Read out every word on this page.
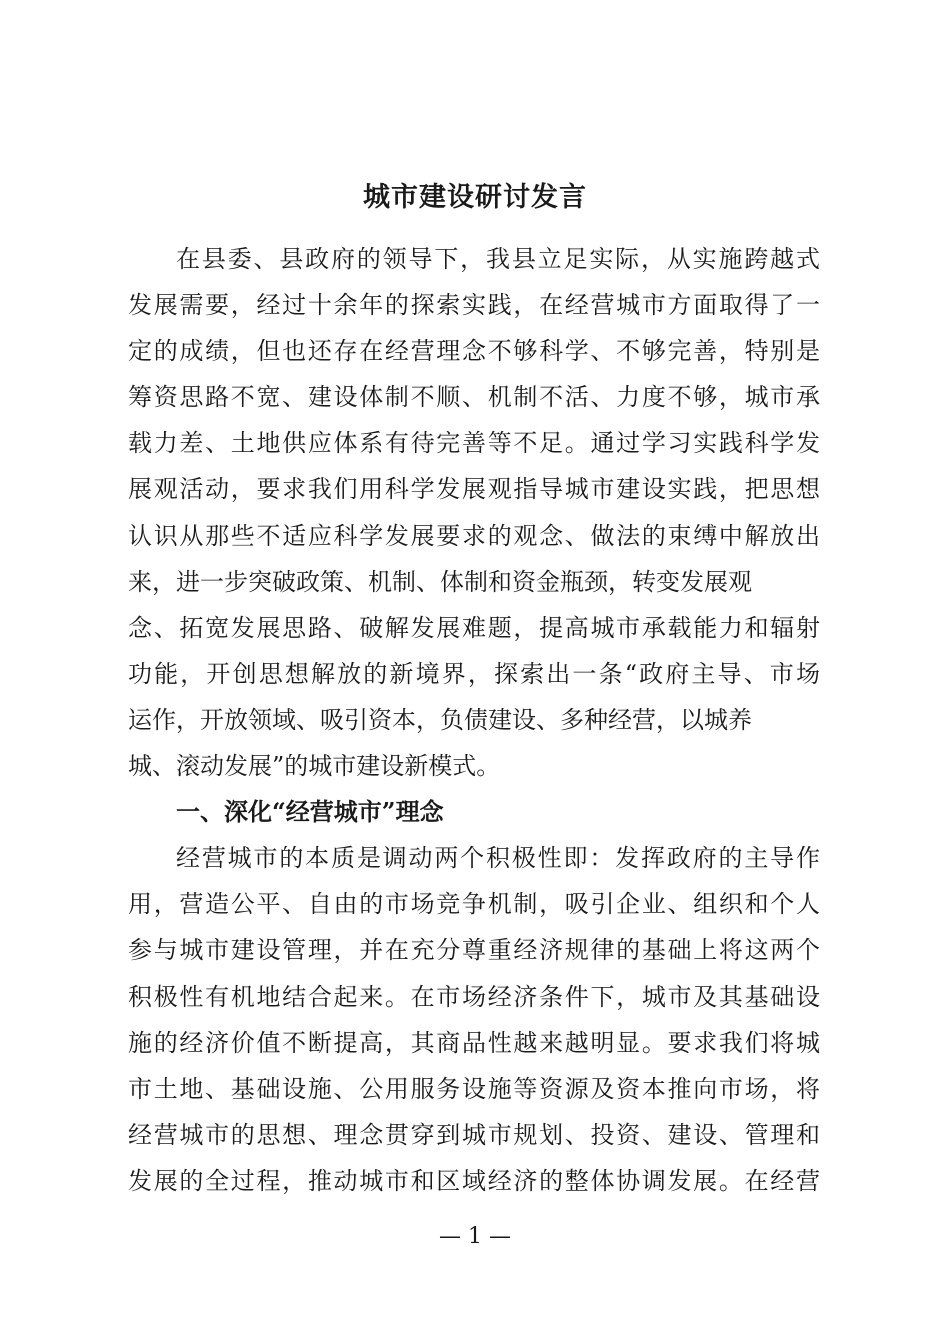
城市建设研讨发言
在县委、县政府的领导下，我县立足实际，从实施跨越式
发展需要，经过十余年的探索实践，在经营城市方面取得了一
定的成绩，但也还存在经营理念不够科学、不够完善，特别是
筹资思路不宽、建设体制不顺、机制不活、力度不够，城市承
载力差、土地供应体系有待完善等不足。通过学习实践科学发
展观活动，要求我们用科学发展观指导城市建设实践，把思想
认识从那些不适应科学发展要求的观念、做法的束缚中解放出
来，进一步突破政策、机制、体制和资金瓶颈，转变发展观
念、拓宽发展思路、破解发展难题，提高城市承载能力和辐射
功能，开创思想解放的新境界，探索出一条“政府主导、市场
运作，开放领域、吸引资本，负债建设、多种经营，以城养
城、滚动发展”的城市建设新模式。
一、深化“经营城市”理念
经营城市的本质是调动两个积极性即：发挥政府的主导作
用，营造公平、自由的市场竞争机制，吸引企业、组织和个人
参与城市建设管理，并在充分尊重经济规律的基础上将这两个
积极性有机地结合起来。在市场经济条件下，城市及其基础设
施的经济价值不断提高，其商品性越来越明显。要求我们将城
市土地、基础设施、公用服务设施等资源及资本推向市场，将
经营城市的思想、理念贯穿到城市规划、投资、建设、管理和
发展的全过程，推动城市和区域经济的整体协调发展。在经营
— 1 —
